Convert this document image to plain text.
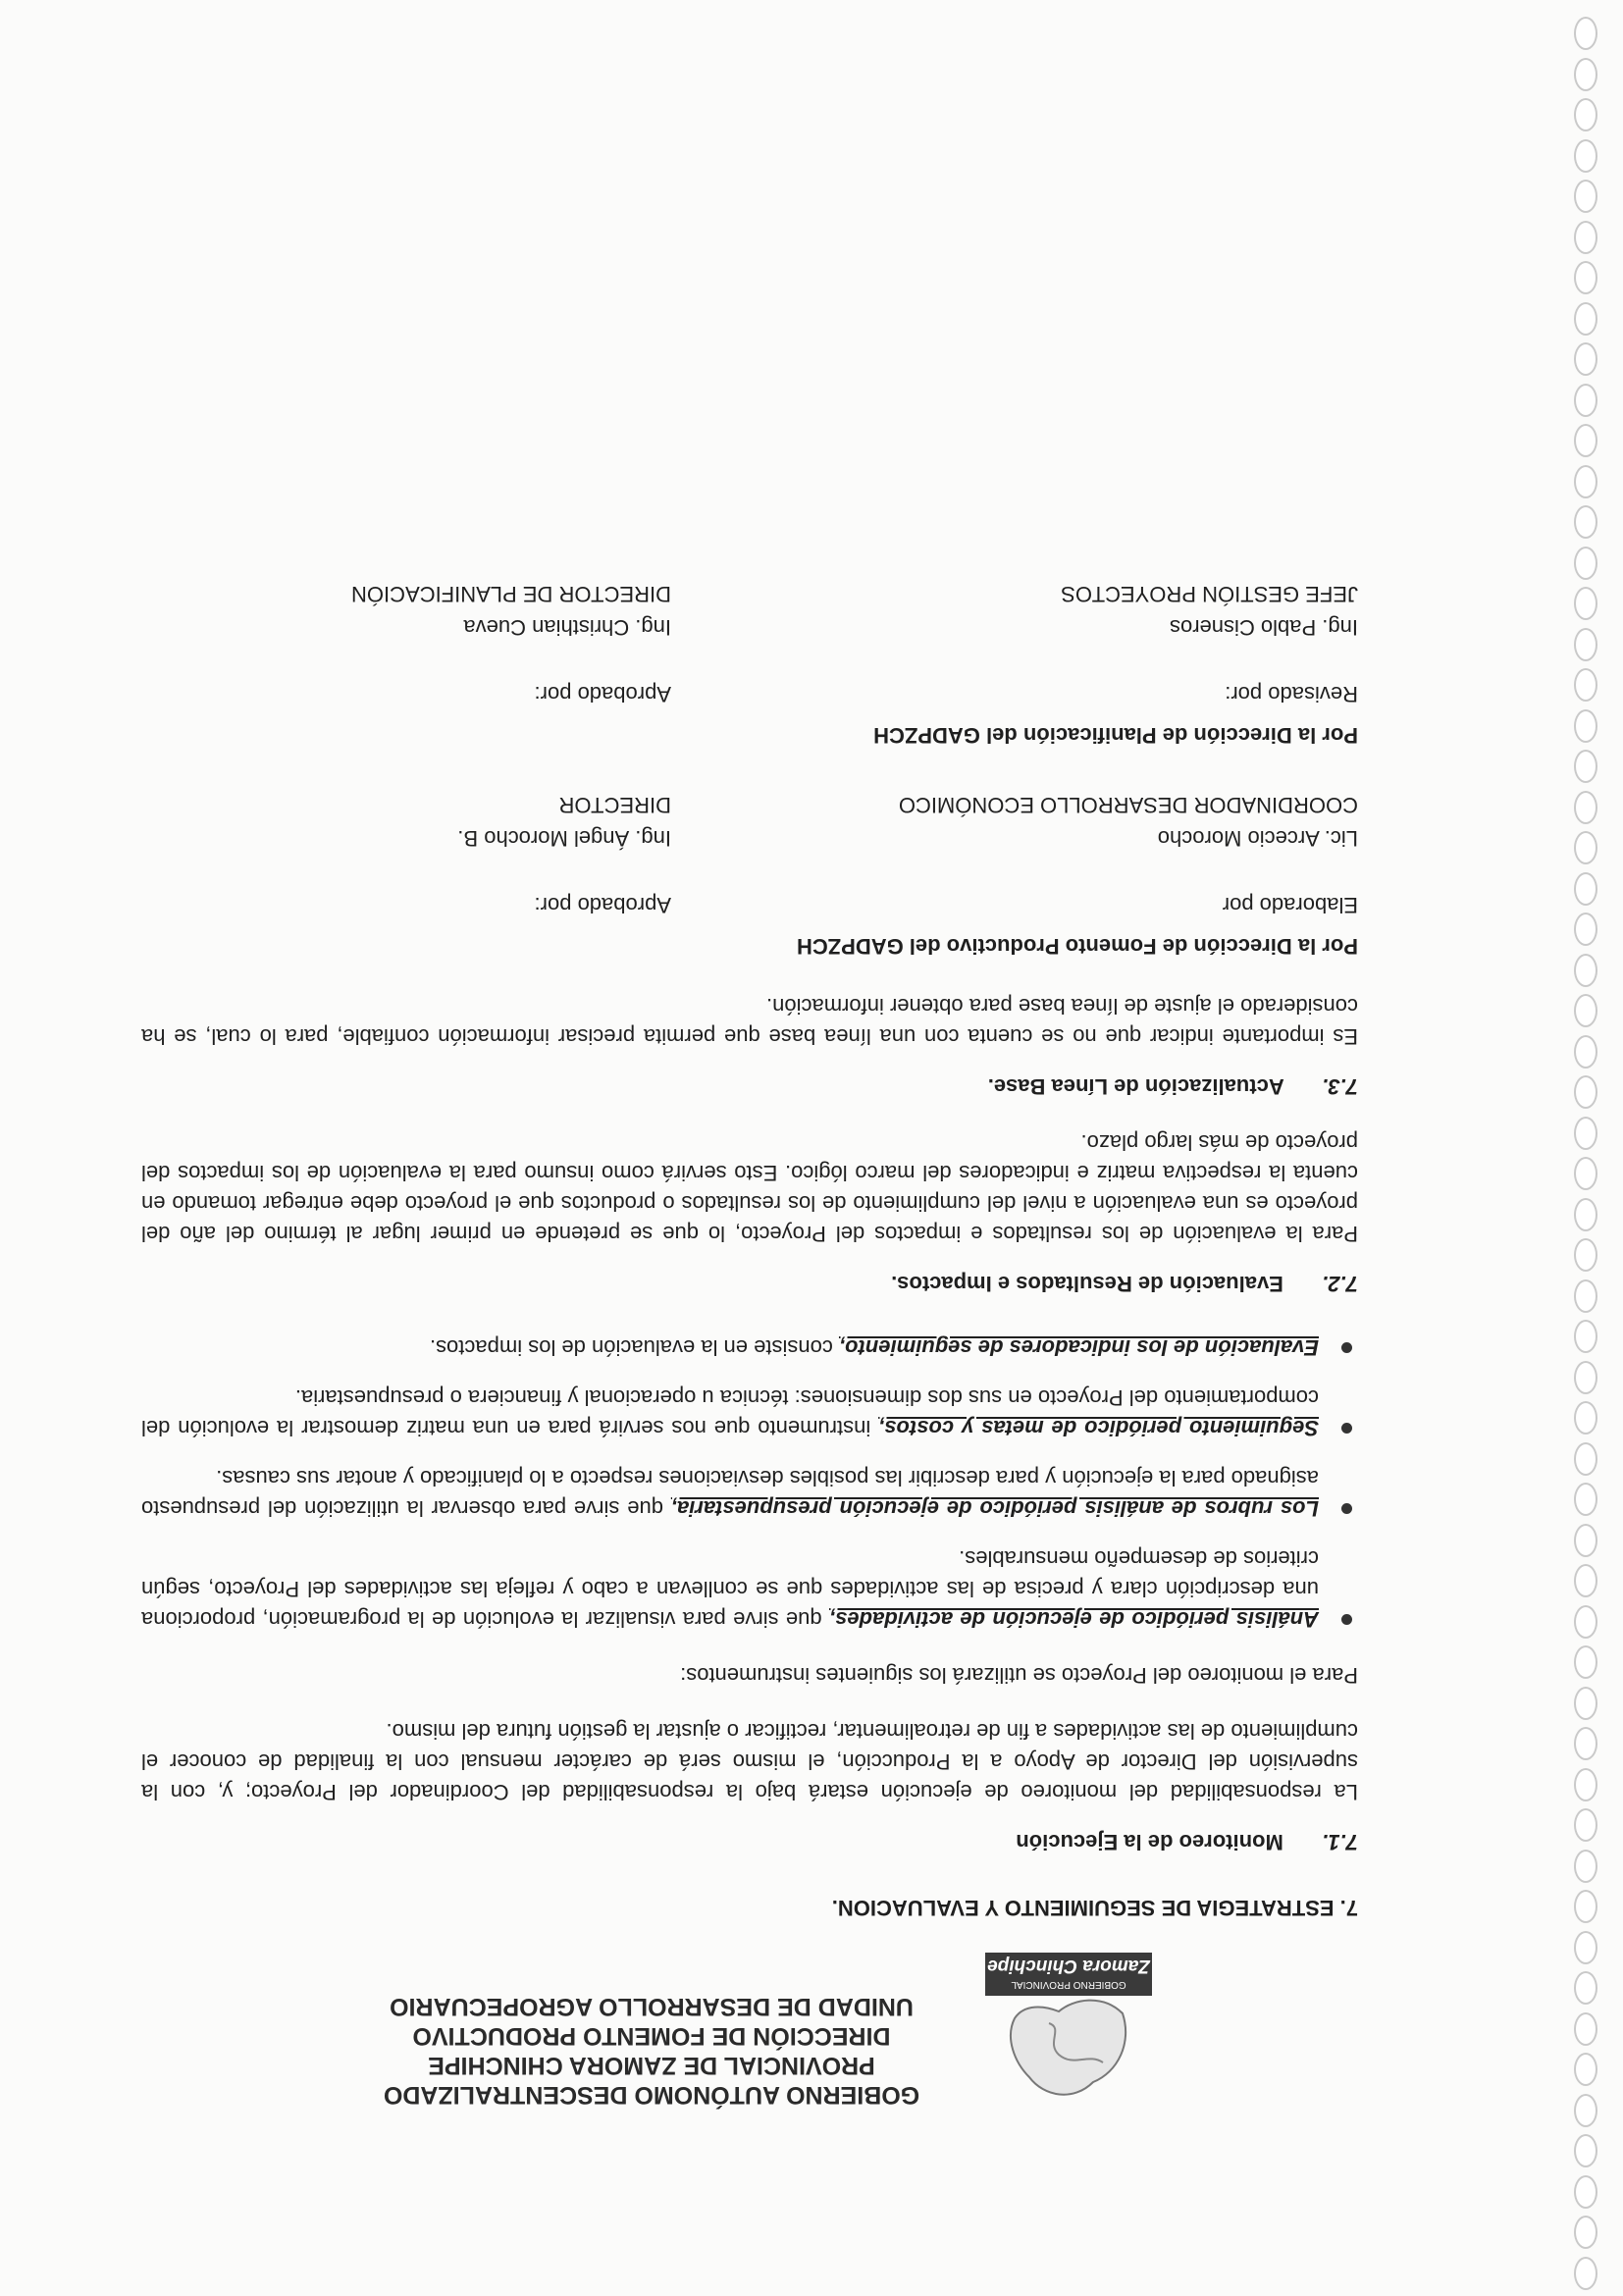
GOBIERNO PROVINCIAL
Zamora Chinchipe
GOBIERNO AUTÓNOMO DESCENTRALIZADO
PROVINCIAL DE ZAMORA CHINCHIPE
DIRECCIÓN DE FOMENTO PRODUCTIVO
UNIDAD DE DESARROLLO AGROPECUARIO
7. ESTRATEGIA DE SEGUIMIENTO Y EVALUACION.
7.1. Monitoreo de la Ejecución

La responsabilidad del monitoreo de ejecución estará bajo la responsabilidad del Coordinador del Proyecto; y, con la supervisión del Director de Apoyo a la Producción, el mismo será de carácter mensual con la finalidad de conocer el cumplimiento de las actividades a fin de retroalimentar, rectificar o ajustar la gestión futura del mismo.

Para el monitoreo del Proyecto se utilizará los siguientes instrumentos:

Análisis periódico de ejecución de actividades, que sirve para visualizar la evolución de la programación, proporciona una descripción clara y precisa de las actividades que se conllevan a cabo y refleja las actividades del Proyecto, según criterios de desempeño mensurables.
Los rubros de análisis periódico de ejecución presupuestaria, que sirve para observar la utilización del presupuesto asignado para la ejecución y para describir las posibles desviaciones respecto a lo planificado y anotar sus causas.
Seguimiento periódico de metas y costos, instrumento que nos servirá para en una matriz demostrar la evolución del comportamiento del Proyecto en sus dos dimensiones: técnica u operacional y financiera o presupuestaria.
Evaluación de los indicadores de seguimiento, consiste en la evaluación de los impactos.
7.2. Evaluación de Resultados e Impactos.

Para la evaluación de los resultados e impactos del Proyecto, lo que se pretende en primer lugar al término del año del proyecto es una evaluación a nivel del cumplimiento de los resultados o productos que el proyecto debe entregar tomando en cuenta la respectiva matriz e indicadores del marco lógico. Esto servirá como insumo para la evaluación de los impactos del proyecto de más largo plazo.

7.3. Actualización de Línea Base.

Es importante indicar que no se cuenta con una línea base que permita precisar información confiable, para lo cual, se ha considerado el ajuste de línea base para obtener información.

Por la Dirección de Fomento Productivo del GADPZCH
Elaborado por
Lic. Arcecio Morocho
COORDINADOR DESARROLLO ECONÓMICO
Aprobado por:
Ing. Ángel Morocho B.
DIRECTOR
Por la Dirección de Planificación del GADPZCH
Revisado por:
Ing. Pablo Cisneros
JEFE GESTIÓN PROYECTOS
Aprobado por:
Ing. Christhian Cueva
DIRECTOR DE PLANIFICACIÓN
